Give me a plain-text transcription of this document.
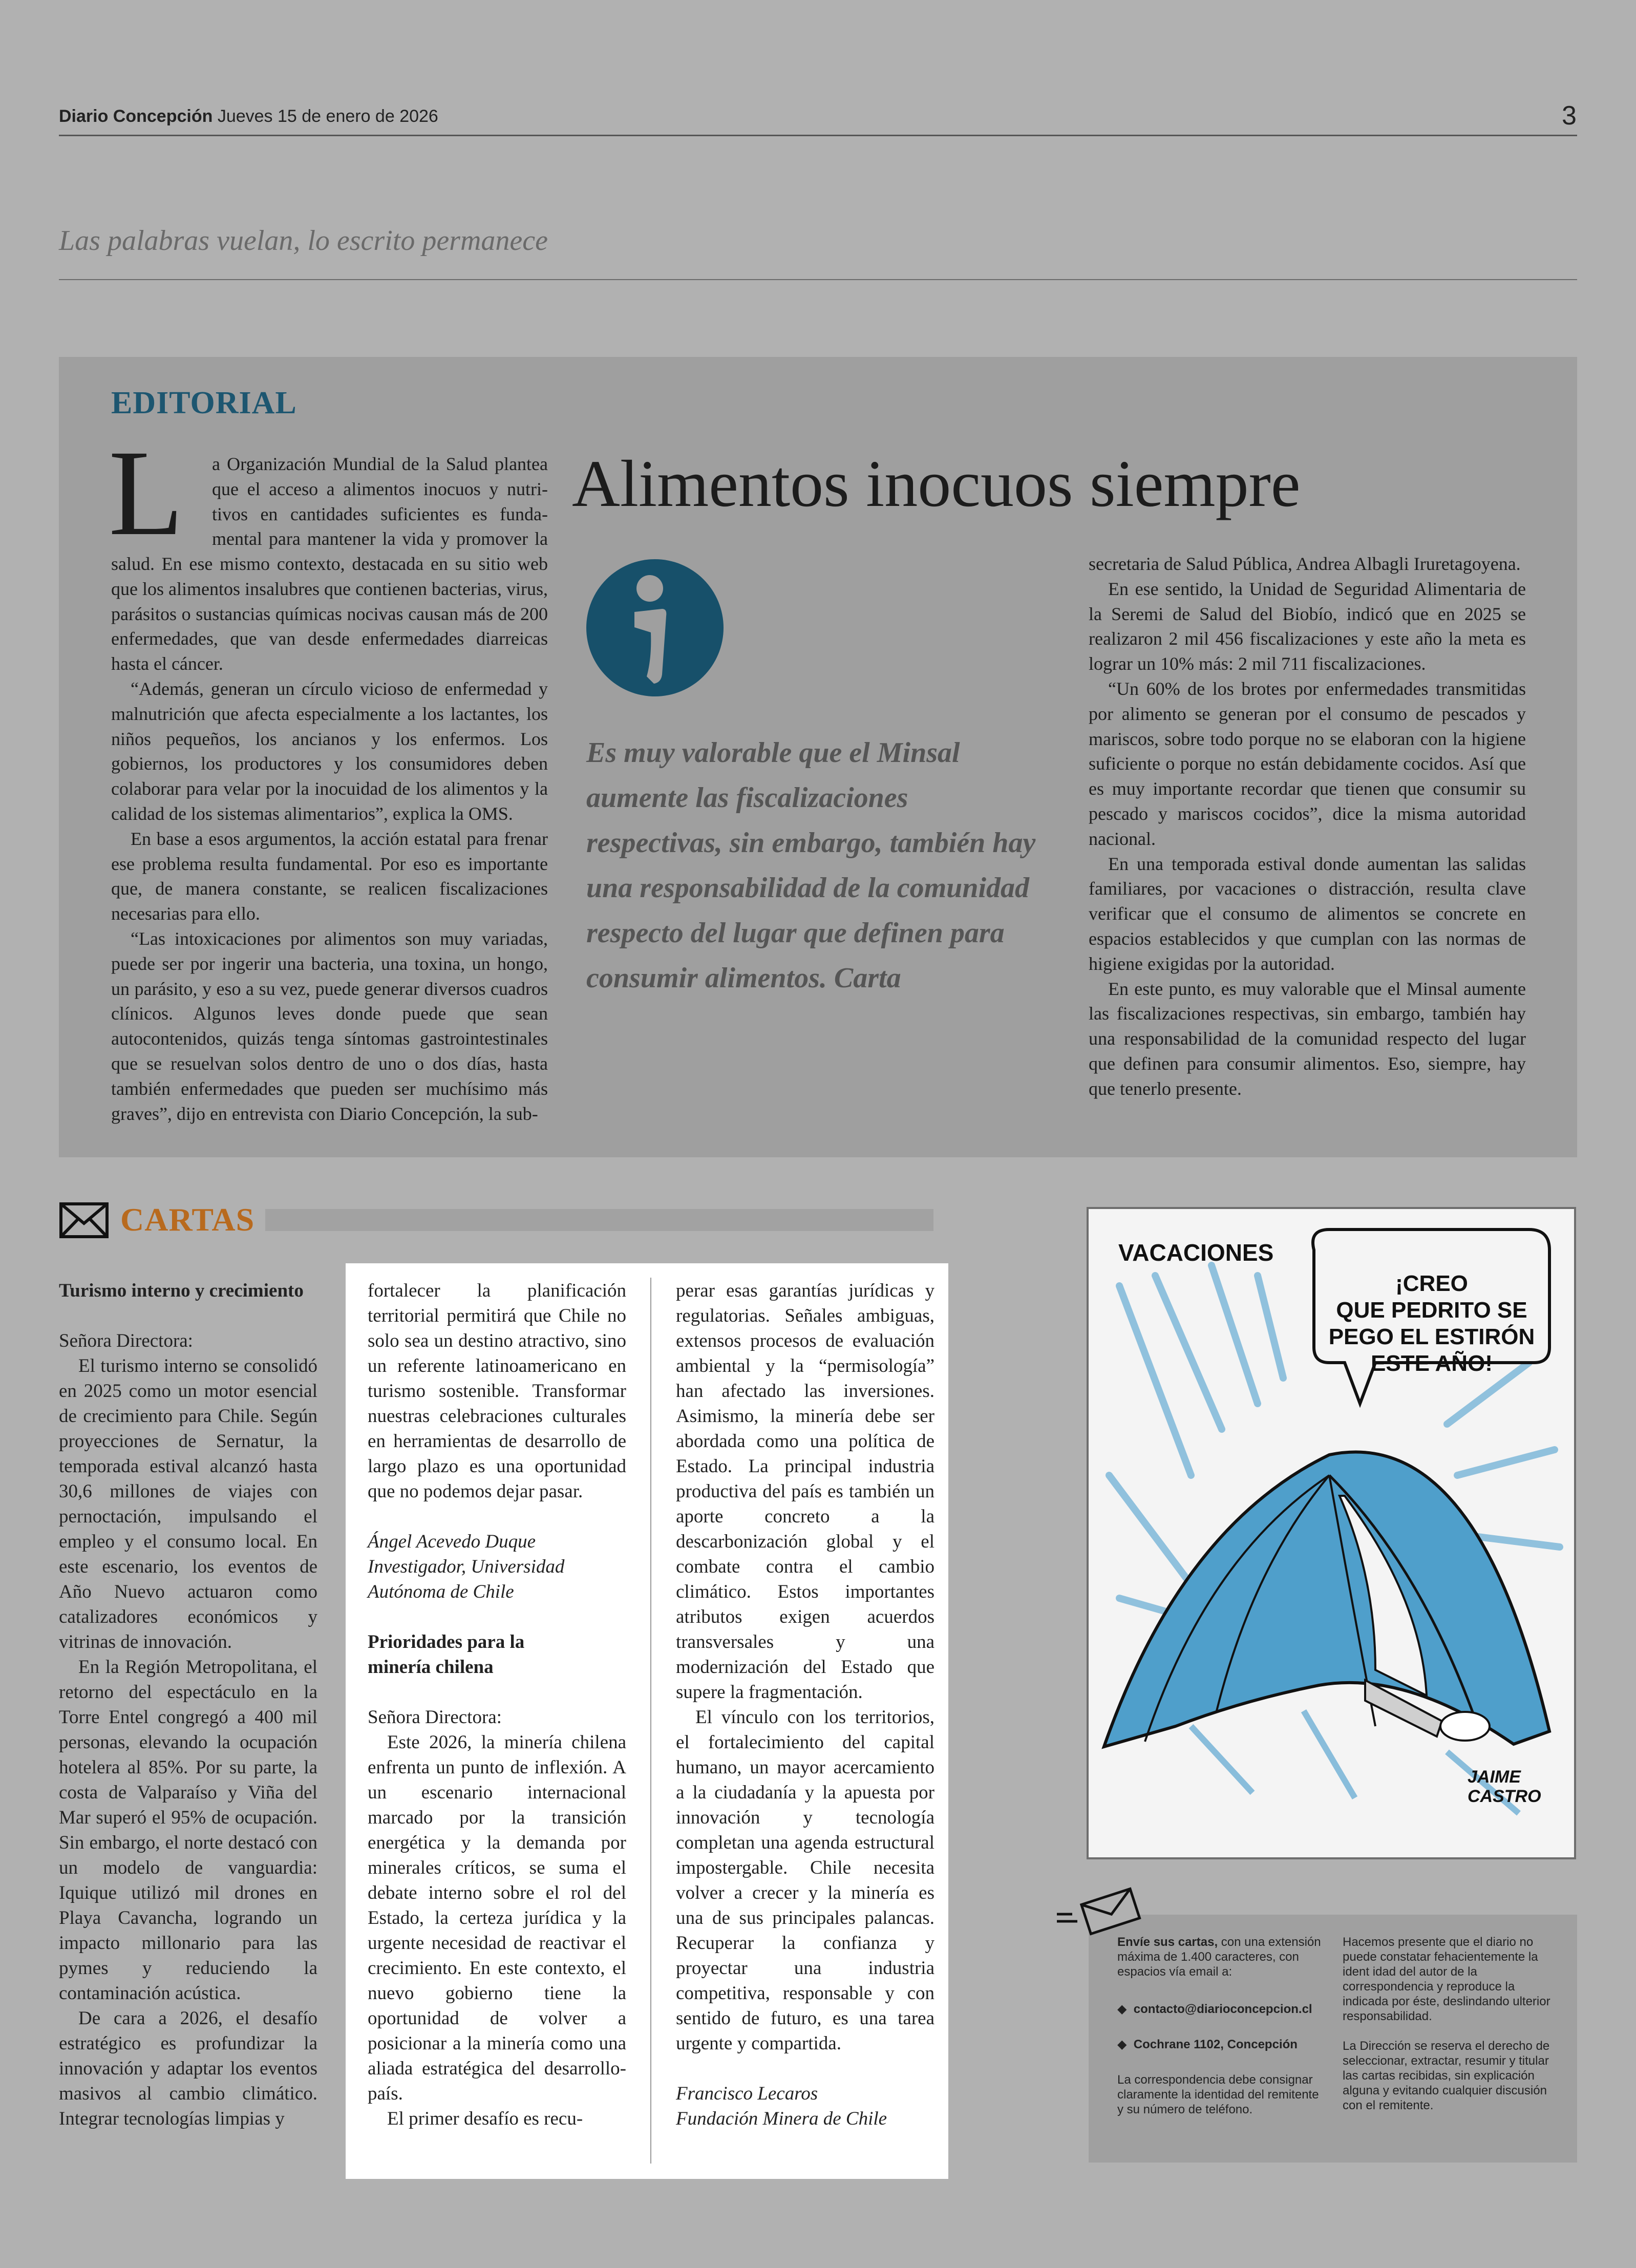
Diario Concepción Jueves 15 de enero de 2026	3
Las palabras vuelan, lo escrito permanece
EDITORIAL
Alimentos inocuos siempre
L a Organización Mundial de la Salud plantea

que el acceso a alimentos inocuos y nutri-

tivos en cantidades suficientes es funda-

mental para mantener la vida y promover la

salud. En ese mismo contexto, destacada en su sitio web que los alimentos insalubres que contienen bacterias, virus, parásitos o sustancias químicas nocivas causan más de 200 enfermedades, que van desde enfermedades diarreicas hasta el cáncer.

“Además, generan un círculo vicioso de enfermedad y malnutrición que afecta especialmente a los lactantes, los niños pequeños, los ancianos y los enfermos. Los gobiernos, los productores y los consumidores deben colaborar para velar por la inocuidad de los alimentos y la calidad de los sistemas alimentarios”, explica la OMS.

En base a esos argumentos, la acción estatal para frenar ese problema resulta fundamental. Por eso es importante que, de manera constante, se realicen fiscalizaciones necesarias para ello.

“Las intoxicaciones por alimentos son muy variadas, puede ser por ingerir una bacteria, una toxina, un hongo, un parásito, y eso a su vez, puede generar diversos cuadros clínicos. Algunos leves donde puede que sean autocontenidos, quizás tenga síntomas gastrointestinales que se resuelvan solos dentro de uno o dos días, hasta también enfermedades que pueden ser muchísimo más graves”, dijo en entrevista con Diario Concepción, la sub-

Es muy valorable que el Minsal aumente las fiscalizaciones respectivas, sin embargo, también hay una responsabilidad de la comunidad respecto del lugar que definen para consumir alimentos. Carta

secretaria de Salud Pública, Andrea Albagli Iruretagoyena.

En ese sentido, la Unidad de Seguridad Alimentaria de la Seremi de Salud del Biobío, indicó que en 2025 se realizaron 2 mil 456 fiscalizaciones y este año la meta es lograr un 10% más: 2 mil 711 fiscalizaciones.

“Un 60% de los brotes por enfermedades transmitidas por alimento se generan por el consumo de pescados y mariscos, sobre todo porque no se elaboran con la higiene suficiente o porque no están debidamente cocidos. Así que es muy importante recordar que tienen que consumir su pescado y mariscos cocidos”, dice la misma autoridad nacional.

En una temporada estival donde aumentan las salidas familiares, por vacaciones o distracción, resulta clave verificar que el consumo de alimentos se concrete en espacios establecidos y que cumplan con las normas de higiene exigidas por la autoridad.

En este punto, es muy valorable que el Minsal aumente las fiscalizaciones respectivas, sin embargo, también hay una responsabilidad de la comunidad respecto del lugar que definen para consumir alimentos. Eso, siempre, hay que tenerlo presente.

CARTAS

Turismo interno y crecimiento

Señora Directora:

El turismo interno se consolidó en 2025 como un motor esencial de crecimiento para Chile. Según proyecciones de Sernatur, la temporada estival alcanzó hasta 30,6 millones de viajes con pernoctación, impulsando el empleo y el consumo local. En este escenario, los eventos de Año Nuevo actuaron como catalizadores económicos y vitrinas de innovación.

En la Región Metropolitana, el retorno del espectáculo en la Torre Entel congregó a 400 mil personas, elevando la ocupación hotelera al 85%. Por su parte, la costa de Valparaíso y Viña del Mar superó el 95% de ocupación. Sin embargo, el norte destacó con un modelo de vanguardia: Iquique utilizó mil drones en Playa Cavancha, logrando un impacto millonario para las pymes y reduciendo la contaminación acústica.

De cara a 2026, el desafío estratégico es profundizar la innovación y adaptar los eventos masivos al cambio climático. Integrar tecnologías limpias y

fortalecer la planificación territorial permitirá que Chile no solo sea un destino atractivo, sino un referente latinoamericano en turismo sostenible. Transformar nuestras celebraciones culturales en herramientas de desarrollo de largo plazo es una oportunidad que no podemos dejar pasar.

Ángel Acevedo Duque

Investigador, Universidad

Autónoma de Chile

Prioridades para la minería chilena

Señora Directora:

Este 2026, la minería chilena enfrenta un punto de inflexión. A un escenario internacional marcado por la transición energética y la demanda por minerales críticos, se suma el debate interno sobre el rol del Estado, la certeza jurídica y la urgente necesidad de reactivar el crecimiento. En este contexto, el nuevo gobierno tiene la oportunidad de volver a posicionar a la minería como una aliada estratégica del desarrollo-país.

El primer desafío es recu-

perar esas garantías jurídicas y regulatorias. Señales ambiguas, extensos procesos de evaluación ambiental y la “permisología” han afectado las inversiones. Asimismo, la minería debe ser abordada como una política de Estado. La principal industria productiva del país es también un aporte concreto a la descarbonización global y el combate contra el cambio climático. Estos importantes atributos exigen acuerdos transversales y una modernización del Estado que supere la fragmentación.

El vínculo con los territorios, el fortalecimiento del capital humano, un mayor acercamiento a la ciudadanía y la apuesta por innovación y tecnología completan una agenda estructural impostergable. Chile necesita volver a crecer y la minería es una de sus principales palancas. Recuperar la confianza y proyectar una industria competitiva, responsable y con sentido de futuro, es una tarea urgente y compartida.

Francisco Lecaros

Fundación Minera de Chile

VACACIONES
¡CREO
QUE PEDRITO SE
PEGO EL ESTIRÓN
ESTE AÑO!
JAIME
CASTRO
Envíe sus cartas, con una extensión máxima de 1.400 caracteres, con espacios vía email a:
◆  contacto@diarioconcepcion.cl
◆  Cochrane 1102, Concepción
La correspondencia debe consignar claramente la identidad del remitente y su número de teléfono.
Hacemos presente que el diario no puede constatar fehacientemente la ident idad del autor de la correspondencia y reproduce la indicada por éste, deslindando ulterior responsabilidad.
La Dirección se reserva el derecho de seleccionar, extractar, resumir y titular las cartas recibidas, sin explicación alguna y evitando cualquier discusión con el remitente.
